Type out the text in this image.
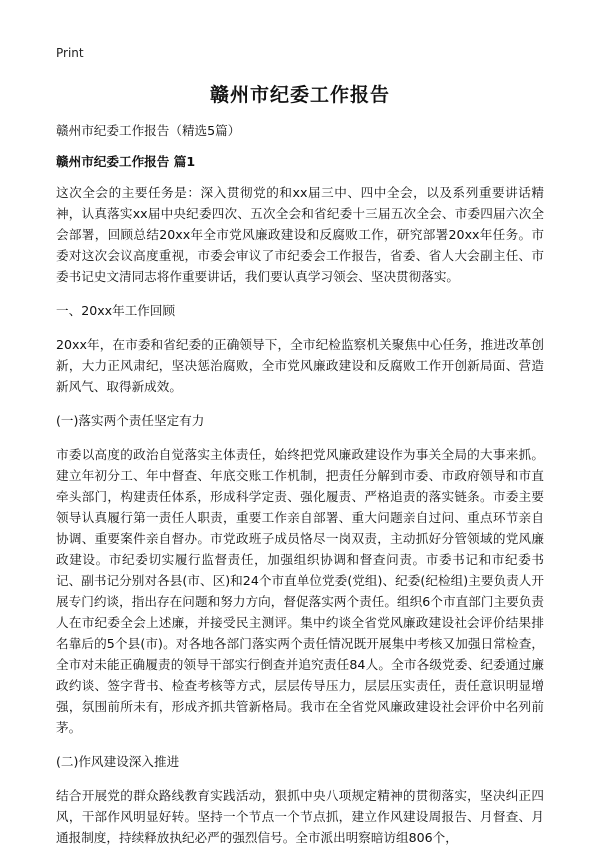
Print
赣州市纪委工作报告

赣州市纪委工作报告（精选5篇）

赣州市纪委工作报告 篇1

这次全会的主要任务是：深入贯彻党的和xx届三中、四中全会，以及系列重要讲话精神，认真落实xx届中央纪委四次、五次全会和省纪委十三届五次全会、市委四届六次全会部署，回顾总结20xx年全市党风廉政建设和反腐败工作，研究部署20xx年任务。市委对这次会议高度重视，市委会审议了市纪委会工作报告，省委、省人大会副主任、市委书记史文清同志将作重要讲话，我们要认真学习领会、坚决贯彻落实。

一、20xx年工作回顾

20xx年，在市委和省纪委的正确领导下，全市纪检监察机关聚焦中心任务，推进改革创新，大力正风肃纪，坚决惩治腐败，全市党风廉政建设和反腐败工作开创新局面、营造新风气、取得新成效。

(一)落实两个责任坚定有力

市委以高度的政治自觉落实主体责任，始终把党风廉政建设作为事关全局的大事来抓。建立年初分工、年中督查、年底交账工作机制，把责任分解到市委、市政府领导和市直牵头部门，构建责任体系，形成科学定责、强化履责、严格追责的落实链条。市委主要领导认真履行第一责任人职责，重要工作亲自部署、重大问题亲自过问、重点环节亲自协调、重要案件亲自督办。市党政班子成员恪尽一岗双责，主动抓好分管领域的党风廉政建设。市纪委切实履行监督责任，加强组织协调和督查问责。市委书记和市纪委书记、副书记分别对各县(市、区)和24个市直单位党委(党组)、纪委(纪检组)主要负责人开展专门约谈，指出存在问题和努力方向，督促落实两个责任。组织6个市直部门主要负责人在市纪委全会上述廉，并接受民主测评。集中约谈全省党风廉政建设社会评价结果排名靠后的5个县(市)。对各地各部门落实两个责任情况既开展集中考核又加强日常检查，全市对未能正确履责的领导干部实行倒查并追究责任84人。全市各级党委、纪委通过廉政约谈、签字背书、检查考核等方式，层层传导压力，层层压实责任，责任意识明显增强，氛围前所未有，形成齐抓共管新格局。我市在全省党风廉政建设社会评价中名列前茅。

(二)作风建设深入推进

结合开展党的群众路线教育实践活动，狠抓中央八项规定精神的贯彻落实，坚决纠正四风，干部作风明显好转。坚持一个节点一个节点抓，建立作风建设周报告、月督查、月通报制度，持续释放执纪必严的强烈信号。全市派出明察暗访组806个，
